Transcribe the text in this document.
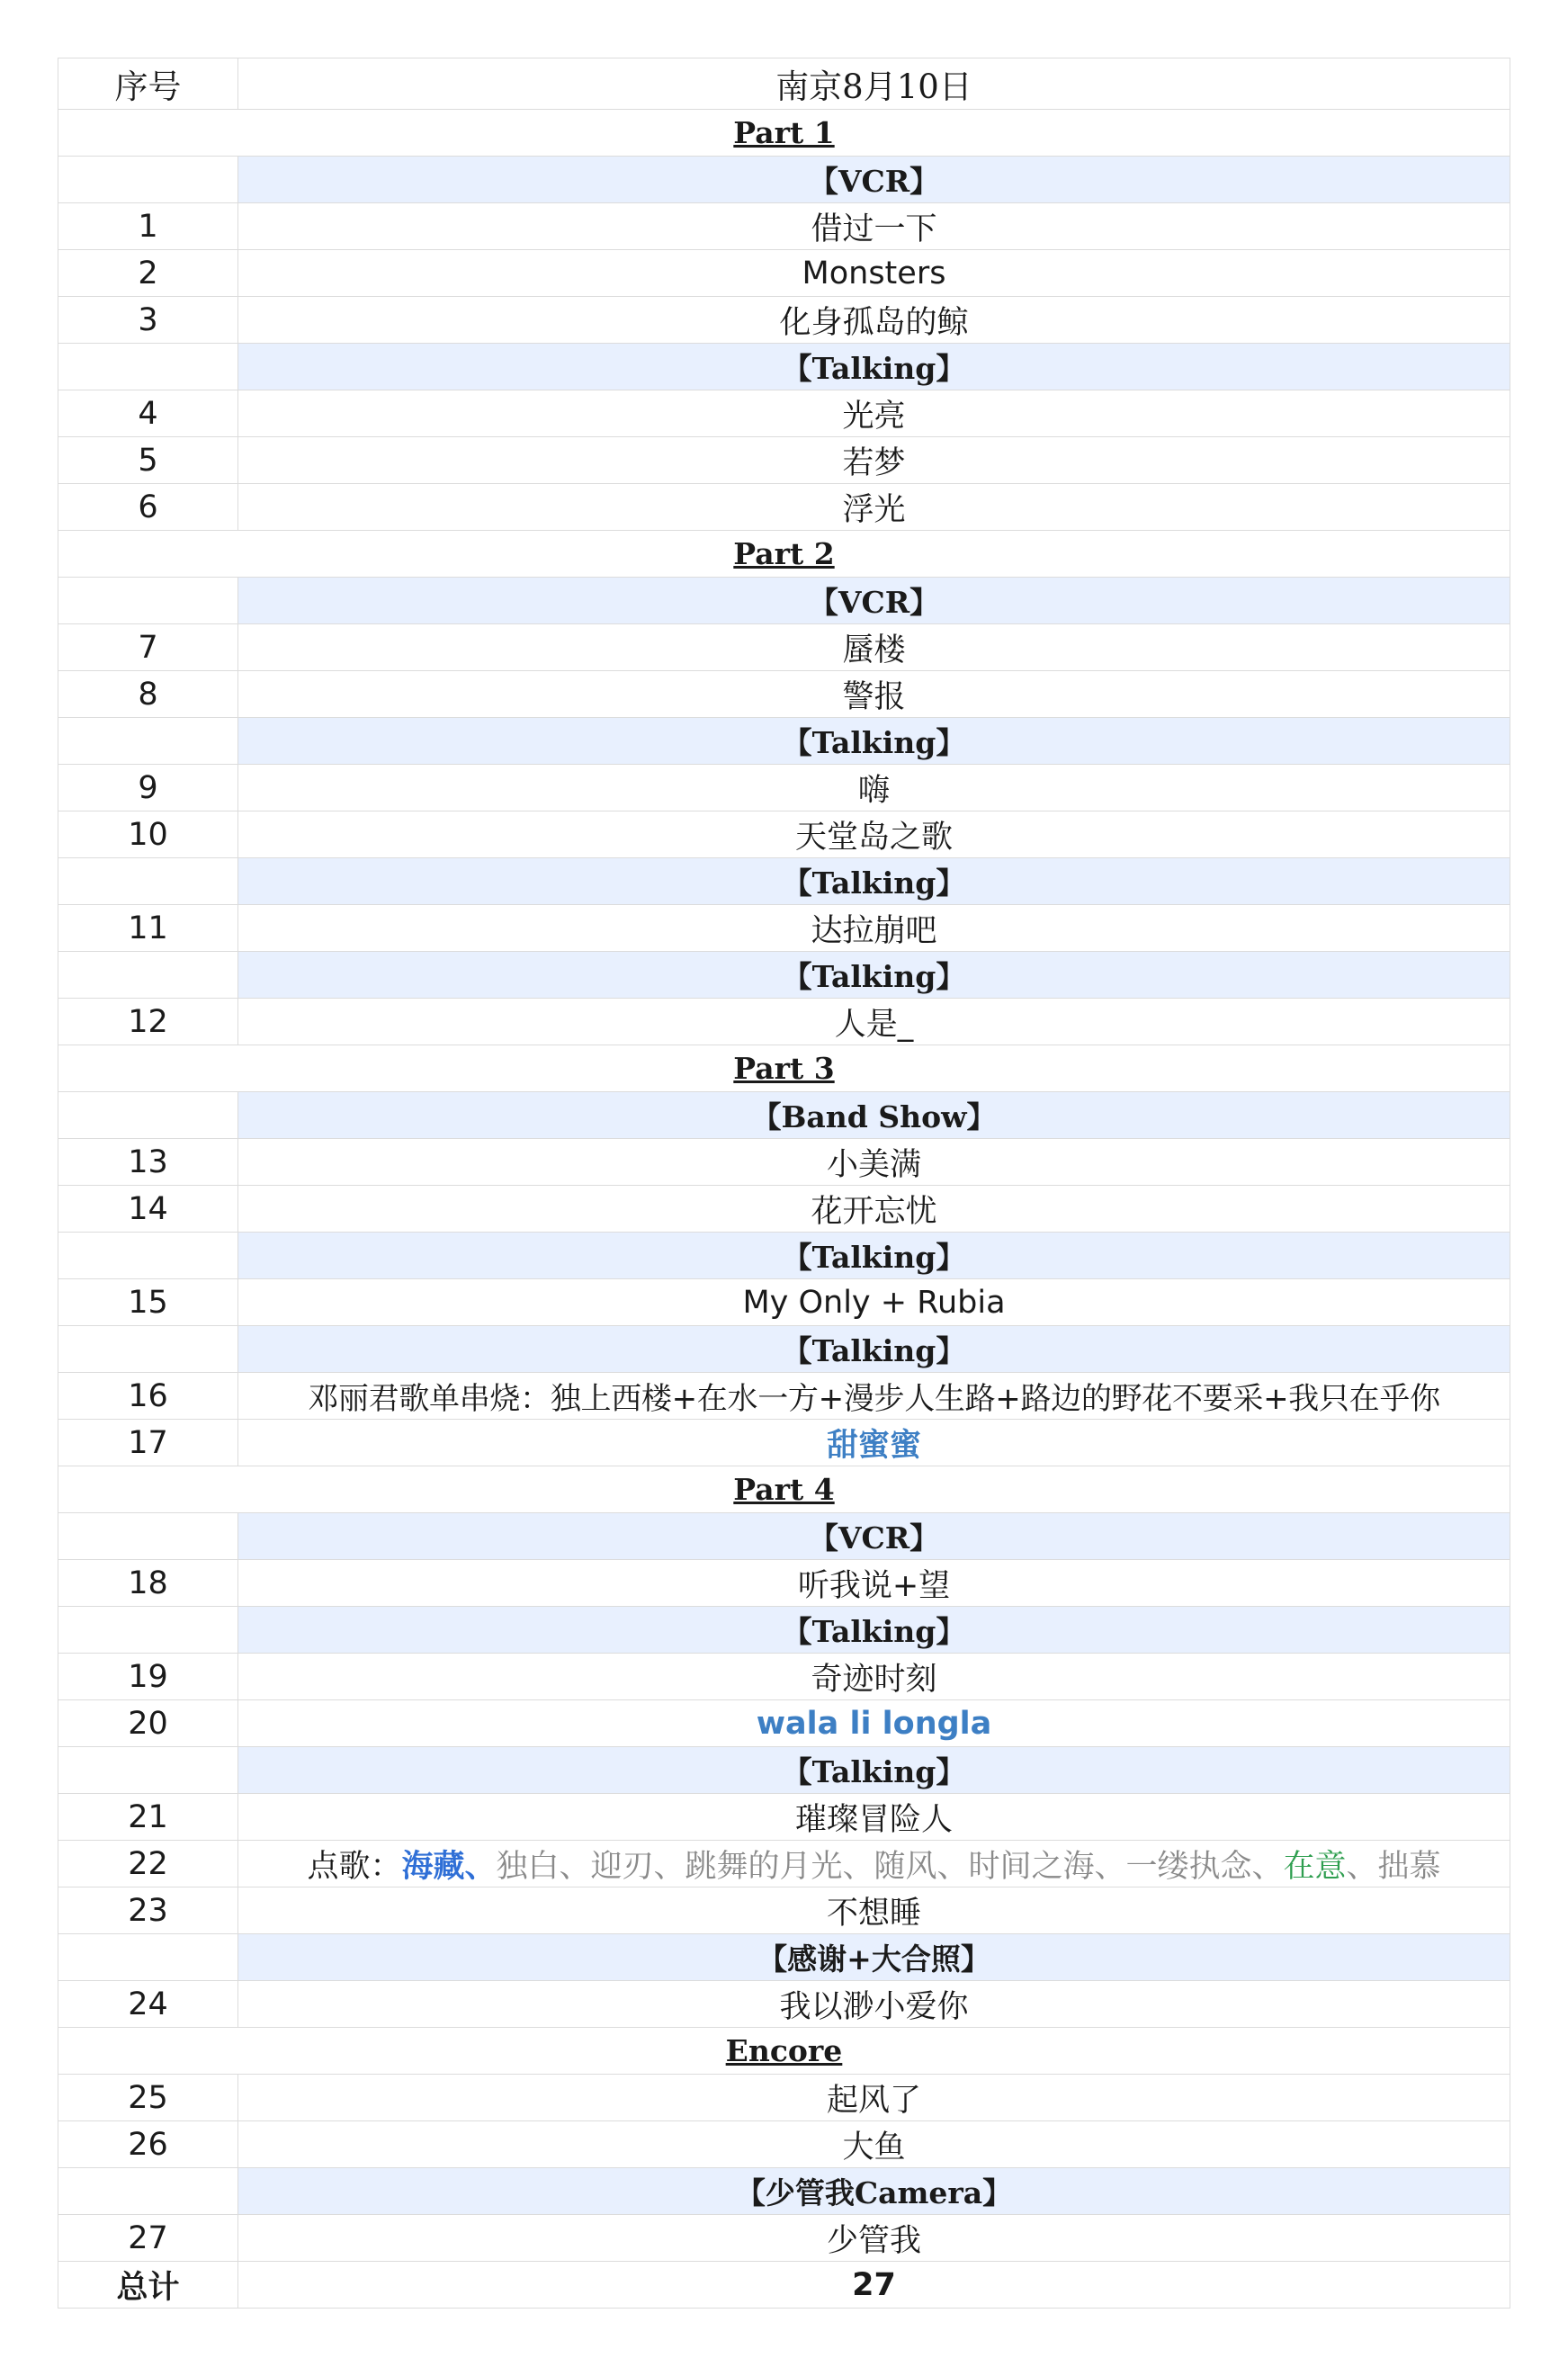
序号	南京8月10日
Part 1	
	【VCR】
1	借过一下
2	Monsters
3	化身孤岛的鲸
	【Talking】
4	光亮
5	若梦
6	浮光
Part 2	
	【VCR】
7	蜃楼
8	警报
	【Talking】
9	嗨
10	天堂岛之歌
	【Talking】
11	达拉崩吧
	【Talking】
12	人是_
Part 3	
	【Band Show】
13	小美满
14	花开忘忧
	【Talking】
15	My Only + Rubia
	【Talking】
16	邓丽君歌单串烧：独上西楼+在水一方+漫步人生路+路边的野花不要采+我只在乎你
17	甜蜜蜜
Part 4	
	【VCR】
18	听我说+望
	【Talking】
19	奇迹时刻
20	wala li longla
	【Talking】
21	璀璨冒险人
22	点歌：海藏、独白、迎刃、跳舞的月光、随风、时间之海、一缕执念、在意、拙慕
23	不想睡
	【感谢+大合照】
24	我以渺小爱你
Encore	
25	起风了
26	大鱼
	【少管我Camera】
27	少管我
总计	27
